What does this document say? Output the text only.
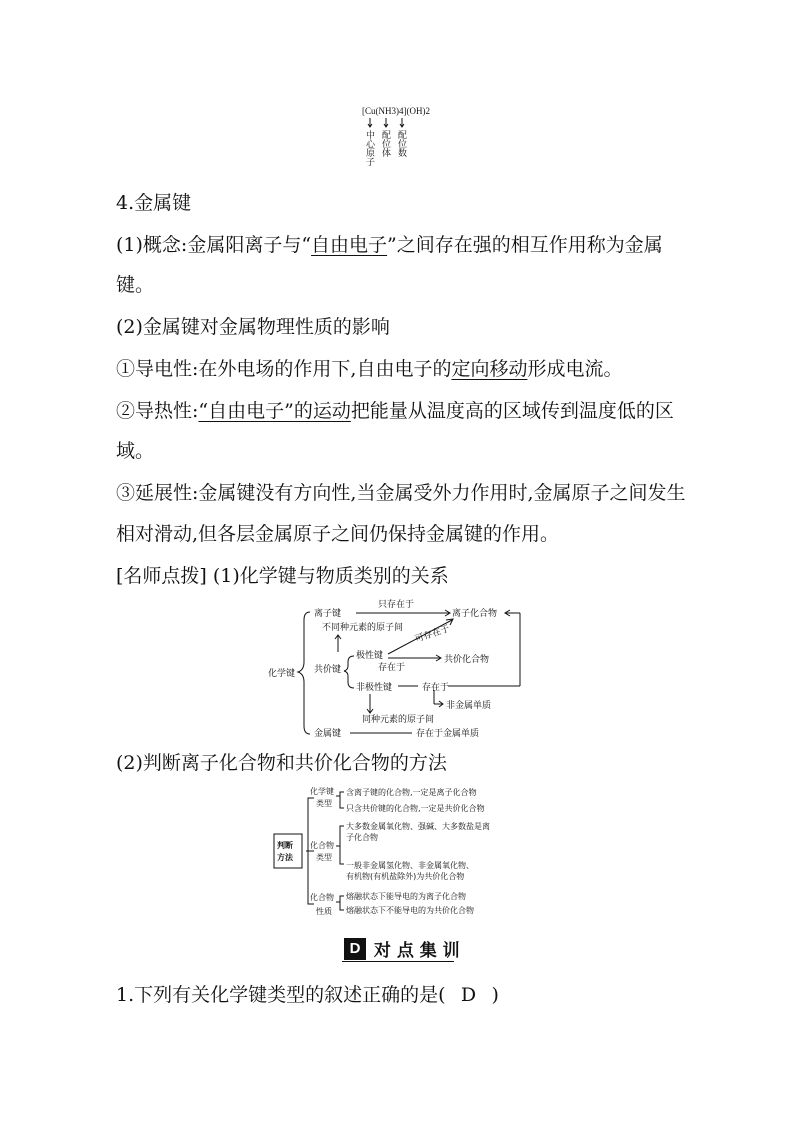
[Cu(NH3)4](OH)2
中心原子
配位体
配位数
4.金属键
(1)概念:金属阳离子与“自由电子”之间存在强的相互作用称为金属
键。
(2)金属键对金属物理性质的影响
①导电性:在外电场的作用下,自由电子的定向移动形成电流。
②导热性:“自由电子”的运动把能量从温度高的区域传到温度低的区
域。
③延展性:金属键没有方向性,当金属受外力作用时,金属原子之间发生
相对滑动,但各层金属原子之间仍保持金属键的作用。
[名师点拨] (1)化学键与物质类别的关系
化学键
离子键
只存在于
离子化合物
不同种元素的原子间 可存在于
共价键
极性键
存在于
共价化合物
非极性键	存在于
非金属单质
同种元素的原子间
金属键	存在于金属单质
(2)判断离子化合物和共价化合物的方法
判断
方法
化学键
类型
含离子键的化合物,一定是离子化合物
只含共价键的化合物,一定是共价化合物
化合物
类型
大多数金属氧化物、强碱、大多数盐是离
子化合物
一般非金属氢化物、非金属氧化物、
有机物(有机盐除外)为共价化合物
化合物
性质
熔融状态下能导电的为离子化合物
熔融状态下不能导电的为共价化合物
D 对 点 集 训
1.下列有关化学键类型的叙述正确的是( D )
